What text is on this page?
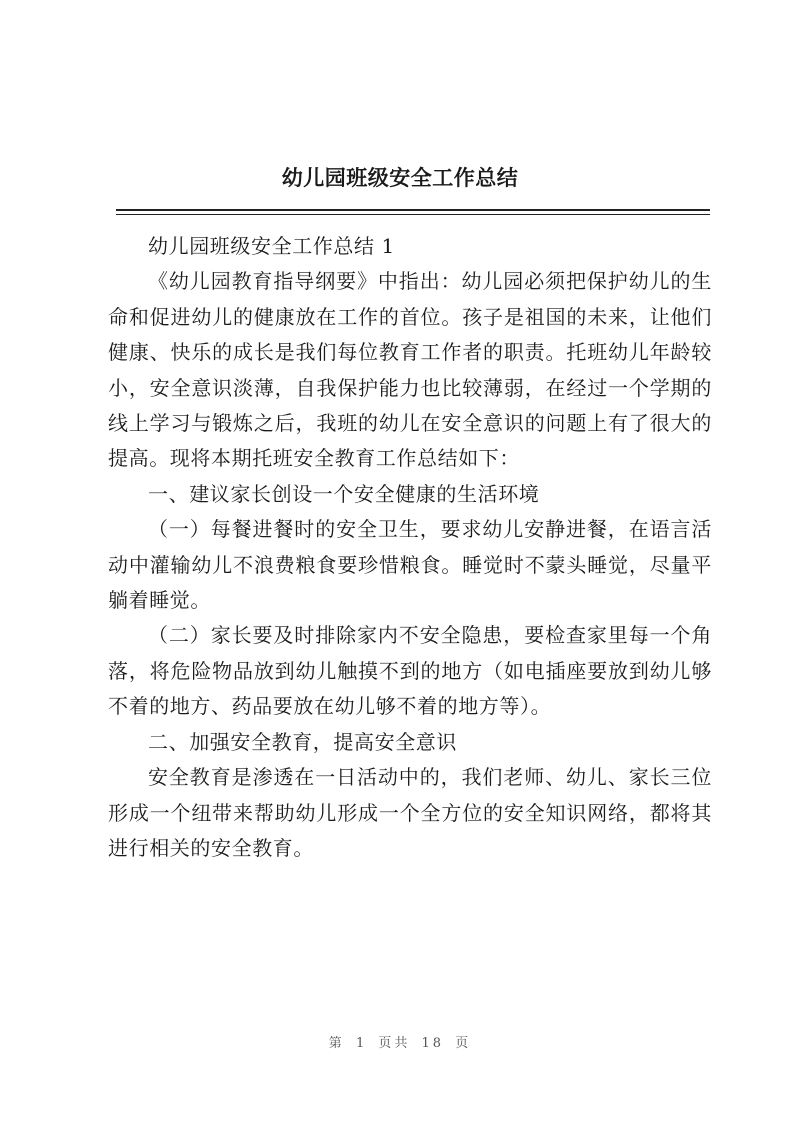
幼儿园班级安全工作总结

幼儿园班级安全工作总结 1

《幼儿园教育指导纲要》中指出：幼儿园必须把保护幼儿的生命和促进幼儿的健康放在工作的首位。孩子是祖国的未来，让他们健康、快乐的成长是我们每位教育工作者的职责。托班幼儿年龄较小，安全意识淡薄，自我保护能力也比较薄弱，在经过一个学期的线上学习与锻炼之后，我班的幼儿在安全意识的问题上有了很大的提高。现将本期托班安全教育工作总结如下：

一、建议家长创设一个安全健康的生活环境

（一）每餐进餐时的安全卫生，要求幼儿安静进餐，在语言活动中灌输幼儿不浪费粮食要珍惜粮食。睡觉时不蒙头睡觉，尽量平躺着睡觉。

（二）家长要及时排除家内不安全隐患，要检查家里每一个角落，将危险物品放到幼儿触摸不到的地方（如电插座要放到幼儿够不着的地方、药品要放在幼儿够不着的地方等）。

二、加强安全教育，提高安全意识

安全教育是渗透在一日活动中的，我们老师、幼儿、家长三位形成一个纽带来帮助幼儿形成一个全方位的安全知识网络，都将其进行相关的安全教育。

第 1 页共 18 页
